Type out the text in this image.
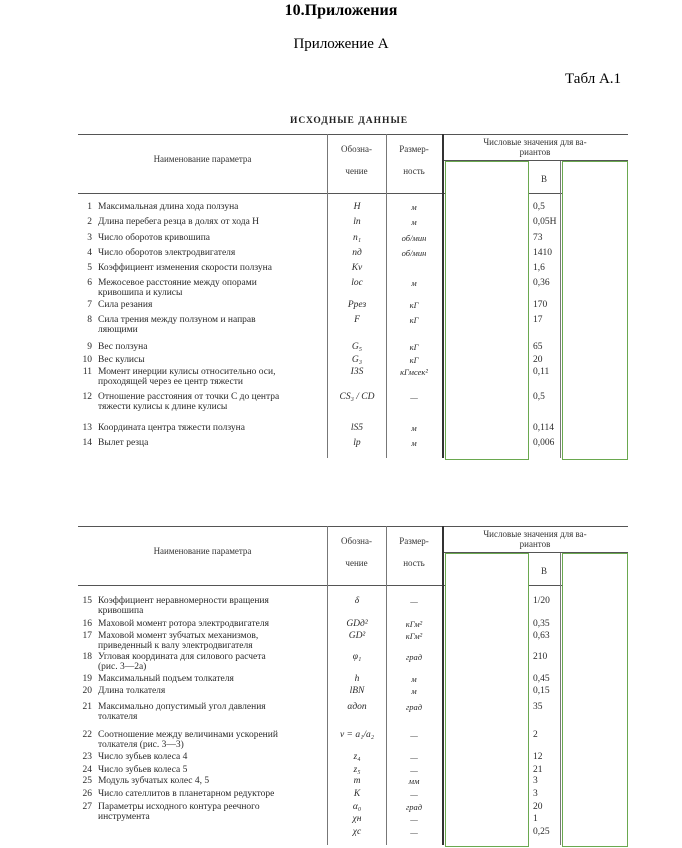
10.Приложения
Приложение А
Табл А.1
ИСХОДНЫЕ ДАННЫЕ
Наименование параметра
Обозна-
чение
Размер-
ность
Числовые значения для ва-
риантов
В
1 Максимальная длина хода ползуна	H	м	0,5
2 Длина перебега резца в долях от хода H	lп	м	0,05H
3 Число оборотов кривошипа	n₁	об/мин	73
4 Число оборотов электродвигателя	nд	об/мин	1410
5 Коэффициент изменения скорости ползуна	Kv	1,6
6 Межосевое расстояние между опорами
кривошипа и кулисы
lос	м	0,36
7 Сила резания	Pрез	кГ	170
8 Сила трения между ползуном и направ
ляющими
F	кГ	17
9 Вес ползуна	G₅	кГ	65
10 Вес кулисы	G₃	кГ	20
11 Момент инерции кулисы относительно оси,
проходящей через ее центр тяжести
I3S	кГмсек²	0,11
12 Отношение расстояния от точки C до центра
тяжести кулисы к длине кулисы
CS₃ / CD	—	0,5
13 Координата центра тяжести ползуна	lS5	м	0,114
14 Вылет резца	lр	м	0,006
Наименование параметра
Обозна-
чение
Размер-
ность
Числовые значения для ва-
риантов
В
15 Коэффициент неравномерности вращения
кривошипа
δ	—	1/20
16 Маховой момент ротора электродвигателя	GDд²	кГм²	0,35
17 Маховой момент зубчатых механизмов,
приведенный к валу электродвигателя
GD²	кГм²	0,63
18 Угловая координата для силового расчета
(рис. 3—2а)
φ₁	град	210
19 Максимальный подъем толкателя	h	м	0,45
20 Длина толкателя	lBN	м	0,15
21 Максимально допустимый угол давления
толкателя
αдоп	град	35
22 Соотношение между величинами ускорений
толкателя (рис. 3—3)
ν = a₁/a₂	—	2
23 Число зубьев колеса 4	z₄	—	12
24 Число зубьев колеса 5	z₅	—	21
25 Модуль зубчатых колес 4, 5	m	мм	3
26 Число сателлитов в планетарном редукторе	K	—	3
27 Параметры исходного контура реечного
инструмента
α₀	град	20
χн	—	1
χс	—	0,25
